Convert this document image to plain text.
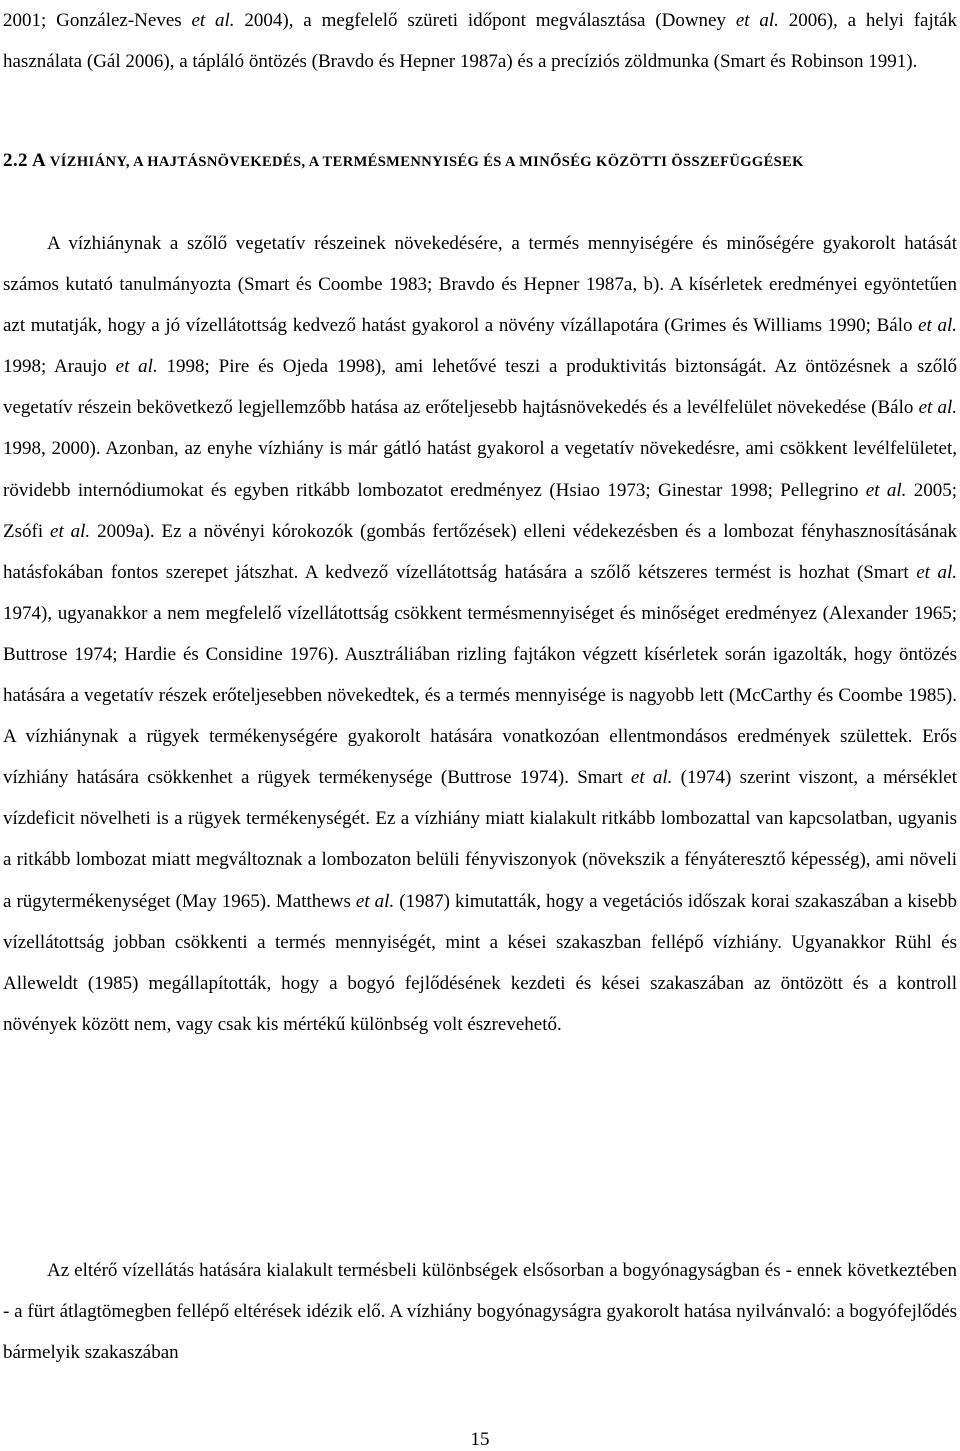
2001; González-Neves et al. 2004), a megfelelő szüreti időpont megválasztása (Downey et al. 2006), a helyi fajták használata (Gál 2006), a tápláló öntözés (Bravdo és Hepner 1987a) és a precíziós zöldmunka (Smart és Robinson 1991).

2.2 A VÍZHIÁNY, A HAJTÁSNÖVEKEDÉS, A TERMÉSMENNYISÉG ÉS A MINŐSÉG KÖZÖTTI ÖSSZEFÜGGÉSEK

A vízhiánynak a szőlő vegetatív részeinek növekedésére, a termés mennyiségére és minőségére gyakorolt hatását számos kutató tanulmányozta (Smart és Coombe 1983; Bravdo és Hepner 1987a, b). A kísérletek eredményei egyöntetűen azt mutatják, hogy a jó vízellátottság kedvező hatást gyakorol a növény vízállapotára (Grimes és Williams 1990; Bálo et al. 1998; Araujo et al. 1998; Pire és Ojeda 1998), ami lehetővé teszi a produktivitás biztonságát. Az öntözésnek a szőlő vegetatív részein bekövetkező legjellemzőbb hatása az erőteljesebb hajtásnövekedés és a levélfelület növekedése (Bálo et al. 1998, 2000). Azonban, az enyhe vízhiány is már gátló hatást gyakorol a vegetatív növekedésre, ami csökkent levélfelületet, rövidebb internódiumokat és egyben ritkább lombozatot eredményez (Hsiao 1973; Ginestar 1998; Pellegrino et al. 2005; Zsófi et al. 2009a). Ez a növényi kórokozók (gombás fertőzések) elleni védekezésben és a lombozat fényhasznosításának hatásfokában fontos szerepet játszhat. A kedvező vízellátottság hatására a szőlő kétszeres termést is hozhat (Smart et al. 1974), ugyanakkor a nem megfelelő vízellátottság csökkent termésmennyiséget és minőséget eredményez (Alexander 1965; Buttrose 1974; Hardie és Considine 1976). Ausztráliában rizling fajtákon végzett kísérletek során igazolták, hogy öntözés hatására a vegetatív részek erőteljesebben növekedtek, és a termés mennyisége is nagyobb lett (McCarthy és Coombe 1985). A vízhiánynak a rügyek termékenységére gyakorolt hatására vonatkozóan ellentmondásos eredmények születtek. Erős vízhiány hatására csökkenhet a rügyek termékenysége (Buttrose 1974). Smart et al. (1974) szerint viszont, a mérséklet vízdeficit növelheti is a rügyek termékenységét. Ez a vízhiány miatt kialakult ritkább lombozattal van kapcsolatban, ugyanis a ritkább lombozat miatt megváltoznak a lombozaton belüli fényviszonyok (növekszik a fényáteresztő képesség), ami növeli a rügytermékenységet (May 1965). Matthews et al. (1987) kimutatták, hogy a vegetációs időszak korai szakaszában a kisebb vízellátottság jobban csökkenti a termés mennyiségét, mint a kései szakaszban fellépő vízhiány. Ugyanakkor Rühl és Alleweldt (1985) megállapították, hogy a bogyó fejlődésének kezdeti és kései szakaszában az öntözött és a kontroll növények között nem, vagy csak kis mértékű különbség volt észrevehető.

Az eltérő vízellátás hatására kialakult termésbeli különbségek elsősorban a bogyónagyságban és - ennek következtében - a fürt átlagtömegben fellépő eltérések idézik elő. A vízhiány bogyónagyságra gyakorolt hatása nyilvánvaló: a bogyófejlődés bármelyik szakaszában

15
